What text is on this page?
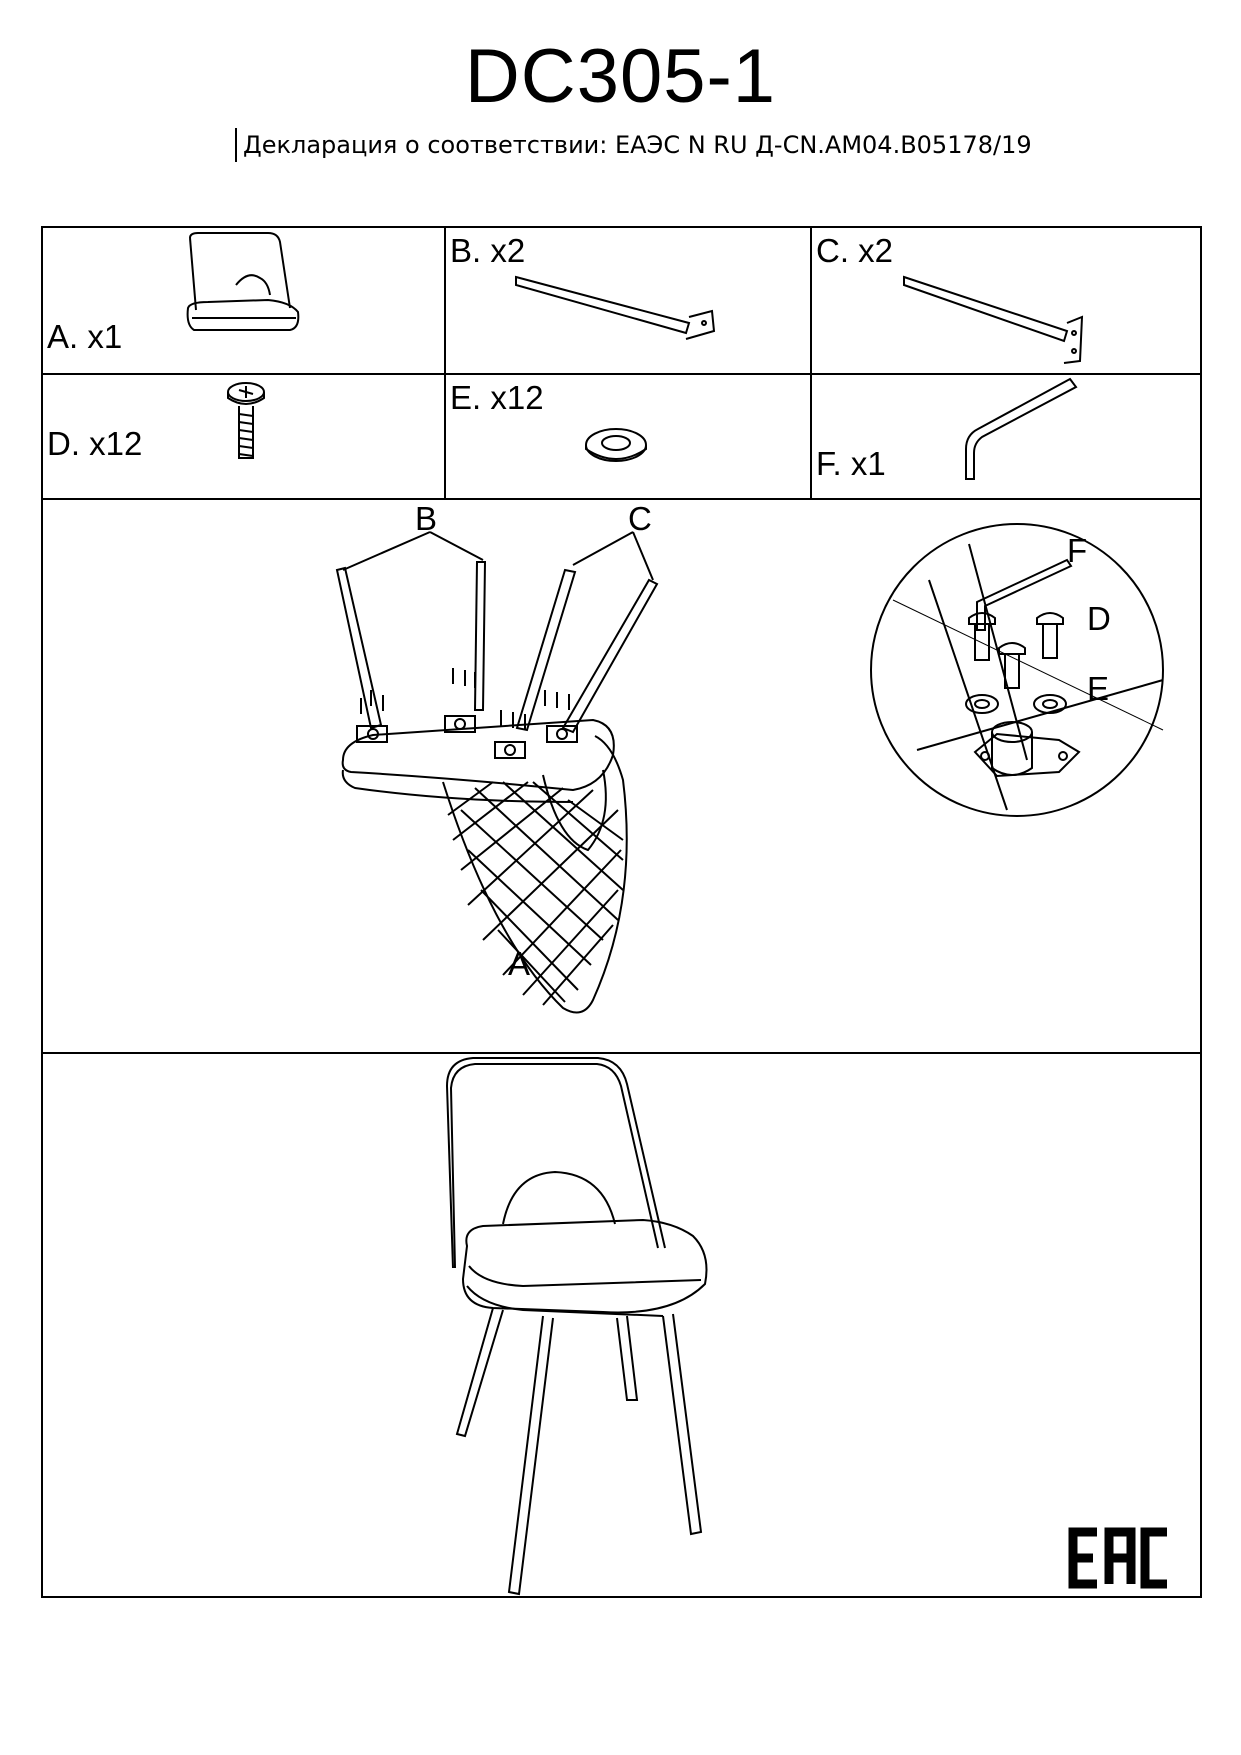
DC305-1
Декларация о соответствии: ЕАЭС N RU Д-CN.AM04.B05178/19
A. x1
B. x2	C. x2
D. x12
E. x12
F. x1
B	C
A
F
D
E
